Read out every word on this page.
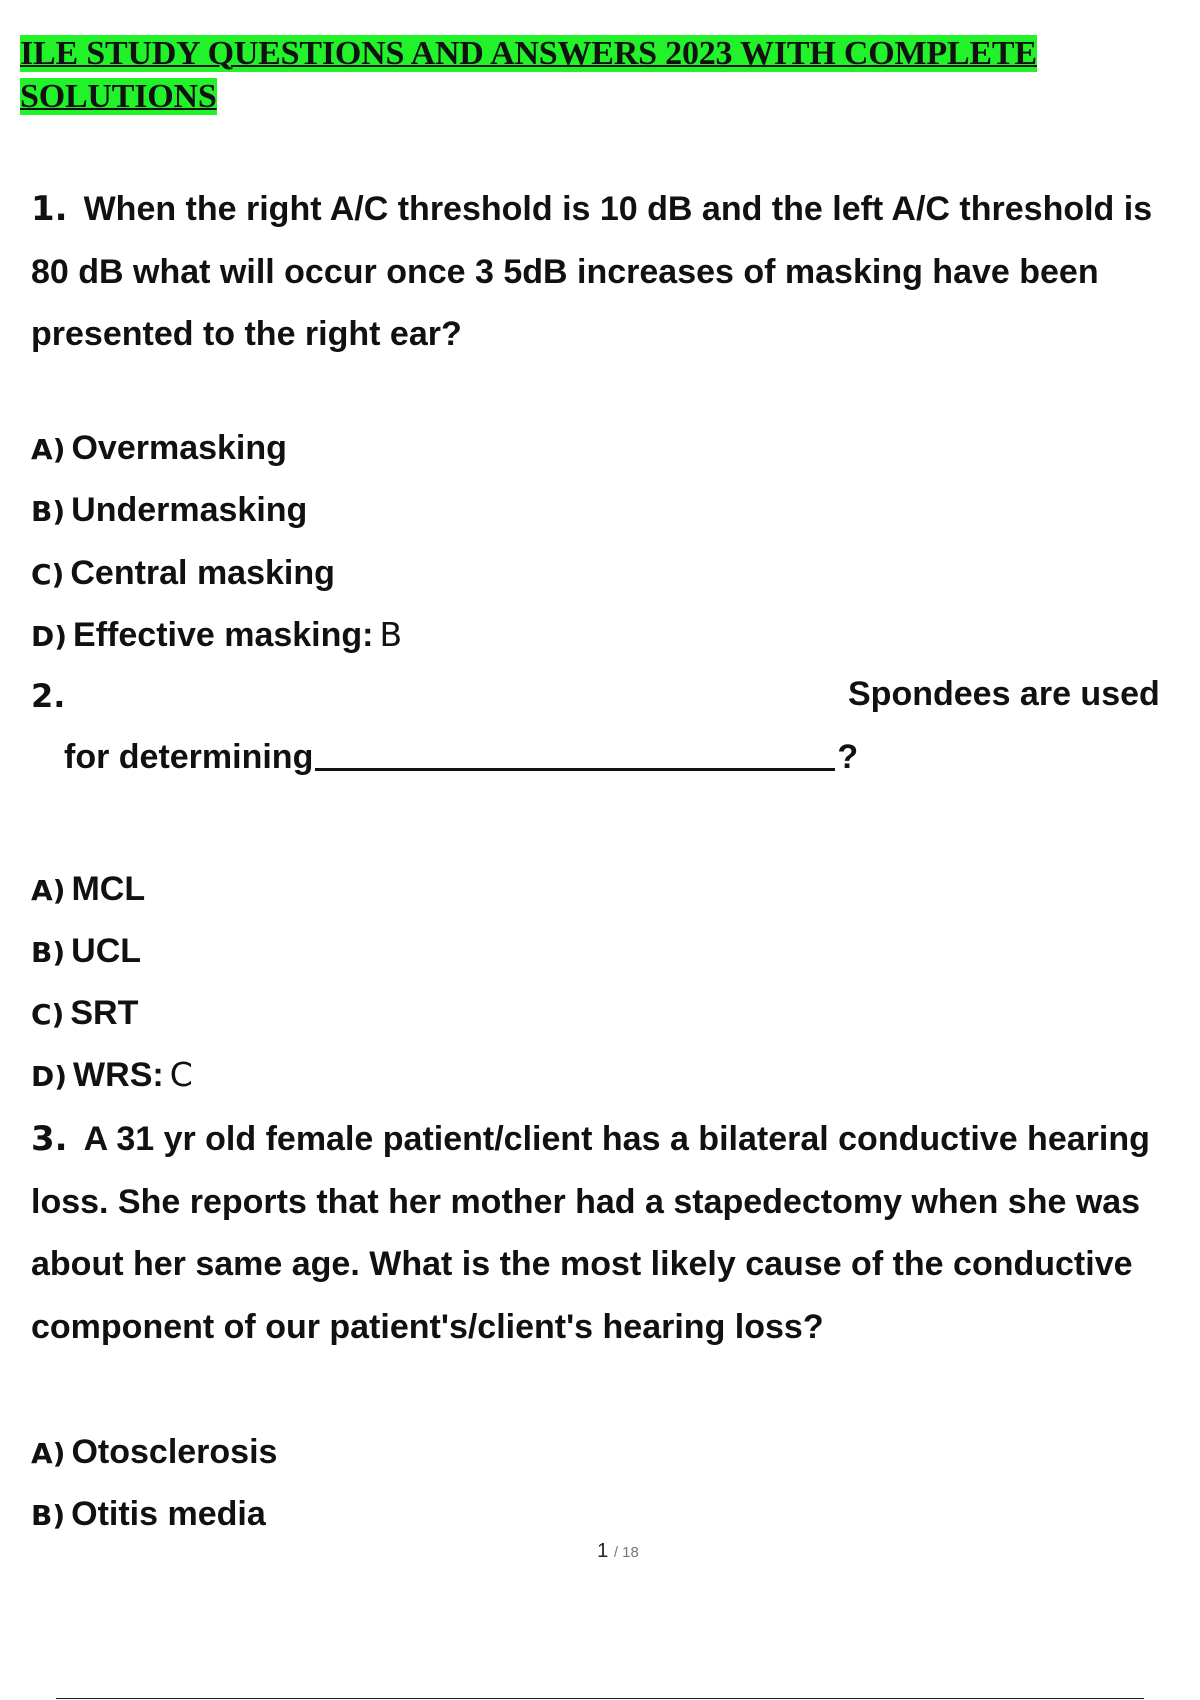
ILE STUDY QUESTIONS AND ANSWERS 2023 WITH COMPLETE
SOLUTIONS
1. When the right A/C threshold is 10 dB and the left A/C threshold is 80 dB what will occur once 3 5dB increases of masking have been presented to the right ear?
A) Overmasking
B) Undermasking
C) Central masking
D) Effective masking: B
2.	Spondees are used
for determining	?
A) MCL
B) UCL
C) SRT
D) WRS: C
3. A 31 yr old female patient/client has a bilateral conductive hearing loss. She reports that her mother had a stapedectomy when she was about her same age. What is the most likely cause of the conductive component of our patient's/client's hearing loss?
A) Otosclerosis
B) Otitis media
1 / 18
